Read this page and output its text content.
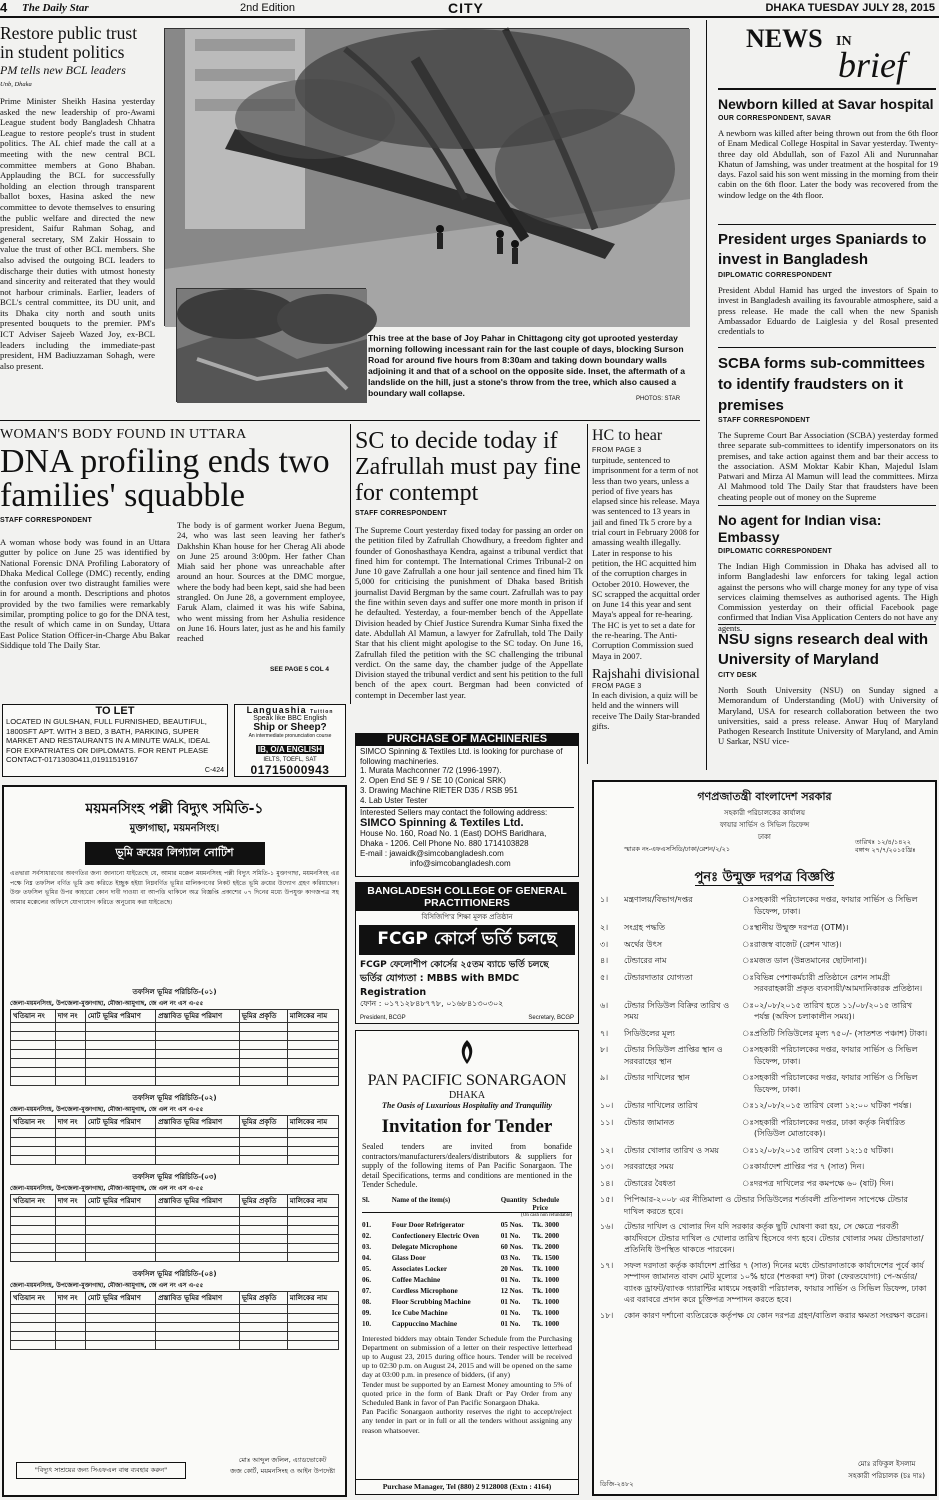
4 The Daily Star	2nd Edition	CITY	DHAKA TUESDAY JULY 28, 2015
Restore public trust in student politics
PM tells new BCL leaders
Unb, Dhaka
Prime Minister Sheikh Hasina yesterday asked the new leadership of pro-Awami League student body Bangladesh Chhatra League to restore people's trust in student politics. The AL chief made the call at a meeting with the new central BCL committee members at Gono Bhaban. Applauding the BCL for successfully holding an election through transparent ballot boxes, Hasina asked the new committee to devote themselves to ensuring the public welfare and directed the new president, Saifur Rahman Sohag, and general secretary, SM Zakir Hossain to value the trust of other BCL members. She also advised the outgoing BCL leaders to discharge their duties with utmost honesty and sincerity and reiterated that they would not harbour criminals. Earlier, leaders of BCL's central committee, its DU unit, and its Dhaka city north and south units presented bouquets to the premier. PM's ICT Adviser Sajeeb Wazed Joy, ex-BCL leaders including the immediate-past president, HM Badiuzzaman Sohagh, were also present.
This tree at the base of Joy Pahar in Chittagong city got uprooted yesterday morning following incessant rain for the last couple of days, blocking Surson Road for around five hours from 8:30am and taking down boundary walls adjoining it and that of a school on the opposite side. Inset, the aftermath of a landslide on the hill, just a stone's throw from the tree, which also caused a boundary wall collapse.
PHOTOS: STAR
NEWS IN
brief
Newborn killed at Savar hospital
OUR CORRESPONDENT, SAVAR
A newborn was killed after being thrown out from the 6th floor of Enam Medical College Hospital in Savar yesterday. Twenty-three day old Abdullah, son of Fazol Ali and Nurunnahar Khatun of Jamshing, was under treatment at the hospital for 19 days. Fazol said his son went missing in the morning from their cabin on the 6th floor. Later the body was recovered from the window ledge on the 4th floor.
President urges Spaniards to invest in Bangladesh
DIPLOMATIC CORRESPONDENT
President Abdul Hamid has urged the investors of Spain to invest in Bangladesh availing its favourable atmosphere, said a press release. He made the call when the new Spanish Ambassador Eduardo de Laiglesia y del Rosal presented credentials to
SCBA forms sub-committees to identify fraudsters on it premises
STAFF CORRESPONDENT
The Supreme Court Bar Association (SCBA) yesterday formed three separate sub-committees to identify impersonators on its premises, and take action against them and bar their access to the association. ASM Moktar Kabir Khan, Majedul Islam Patwari and Mirza Al Mamun will lead the committees. Mirza Al Mahmood told The Daily Star that fraudsters have been cheating people out of money on the Supreme
No agent for Indian visa: Embassy
DIPLOMATIC CORRESPONDENT
The Indian High Commission in Dhaka has advised all to inform Bangladeshi law enforcers for taking legal action against the persons who will charge money for any type of visa services claiming themselves as authorised agents. The High Commission yesterday on their official Facebook page confirmed that Indian Visa Application Centers do not have any agents.
NSU signs research deal with University of Maryland
CITY DESK
North South University (NSU) on Sunday signed a Memorandum of Understanding (MoU) with University of Maryland, USA for research collaboration between the two universities, said a press release. Anwar Huq of Maryland Pathogen Research Institute University of Maryland, and Amin U Sarkar, NSU vice-
WOMAN'S BODY FOUND IN UTTARA
DNA profiling ends two families' squabble
STAFF CORRESPONDENT
A woman whose body was found in an Uttara gutter by police on June 25 was identified by National Forensic DNA Profiling Laboratory of Dhaka Medical College (DMC) recently, ending the confusion over two distraught families were in for around a month. Descriptions and photos provided by the two families were remarkably similar, prompting police to go for the DNA test, the result of which came in on Sunday, Uttara East Police Station Officer-in-Charge Abu Bakar Siddique told The Daily Star.
The body is of garment worker Juena Begum, 24, who was last seen leaving her father's Dakhshin Khan house for her Cherag Ali abode on June 25 around 3:00pm. Her father Chan Miah said her phone was unreachable after around an hour. Sources at the DMC morgue, where the body had been kept, said she had been strangled. On June 28, a government employee, Faruk Alam, claimed it was his wife Sabina, who went missing from her Ashulia residence on June 16. Hours later, just as he and his family reached
SEE PAGE 5 COL 4
SC to decide today if Zafrullah must pay fine for contempt
STAFF CORRESPONDENT
The Supreme Court yesterday fixed today for passing an order on the petition filed by Zafrullah Chowdhury, a freedom fighter and founder of Gonoshasthaya Kendra, against a tribunal verdict that fined him for contempt. The International Crimes Tribunal-2 on June 10 gave Zafrullah a one hour jail sentence and fined him Tk 5,000 for criticising the punishment of Dhaka based British journalist David Bergman by the same court. Zafrullah was to pay the fine within seven days and suffer one more month in prison if he defaulted. Yesterday, a four-member bench of the Appellate Division headed by Chief Justice Surendra Kumar Sinha fixed the date. Abdullah Al Mamun, a lawyer for Zafrullah, told The Daily Star that his client might apologise to the SC today. On June 16, Zafrullah filed the petition with the SC challenging the tribunal verdict. On the same day, the chamber judge of the Appellate Division stayed the tribunal verdict and sent his petition to the full bench of the apex court. Bergman had been convicted of contempt in December last year.
HC to hear
FROM PAGE 3
turpitude, sentenced to imprisonment for a term of not less than two years, unless a period of five years has elapsed since his release. Maya was sentenced to 13 years in jail and fined Tk 5 crore by a trial court in February 2008 for amassing wealth illegally. Later in response to his petition, the HC acquitted him of the corruption charges in October 2010. However, the SC scrapped the acquittal order on June 14 this year and sent Maya's appeal for re-hearing. The HC is yet to set a date for the re-hearing. The Anti-Corruption Commission sued Maya in 2007.
Rajshahi divisional
FROM PAGE 3
In each division, a quiz will be held and the winners will receive The Daily Star-branded gifts.
TO LET
LOCATED IN GULSHAN, FULL FURNISHED, BEAUTIFUL, 1800SFT APT. WITH 3 BED, 3 BATH, PARKING, SUPER MARKET AND RESTAURANTS IN A MINUTE WALK, IDEAL FOR EXPATRIATES OR DIPLOMATS. FOR RENT PLEASE CONTACT-01713030411,01911519167
C-424
Languashia Tuition
Speak like BBC English
Ship or Sheep?
An intermediate pronunciation course
IB, O/A ENGLISH
IELTS, TOEFL, SAT
01715000943
PURCHASE OF MACHINERIES
SIMCO Spinning & Textiles Ltd. is looking for purchase of following machineries.
1. Murata Machconner 7/2 (1996-1997).
2. Open End SE 9 / SE 10 (Conical SRK)
3. Drawing Machine RIETER D35 / RSB 951
4. Lab Uster Tester
Interested Sellers may contact the following address:
SIMCO Spinning & Textiles Ltd.
House No. 160, Road No. 1 (East) DOHS Baridhara,
Dhaka - 1206. Cell Phone No. 880 1714103828
E-mail : jawaidk@simcobangladesh.com
info@simcobangladesh.com
BANGLADESH COLLEGE OF GENERAL PRACTITIONERS
বিসিজিপি'র শিক্ষা মূলক প্রতিষ্ঠান
FCGP কোর্সে ভর্তি চলছে
FCGP ফেলোশীপ কোর্সের ২৫তম ব্যাচে ভর্তি চলছে
ভর্তির যোগ্যতা : MBBS with BMDC Registration
ফোন : ০১৭১২৮৪৮৭৭৮, ০১৬৮৪১৩০৩০২
President, BCGP	Secretary, BCGP
PAN PACIFIC SONARGAON
DHAKA
The Oasis of Luxurious Hospitality and Tranquility
Invitation for Tender
Sealed tenders are invited from bonafide contractors/manufacturers/dealers/distributors & suppliers for supply of the following items of Pan Pacific Sonargaon. The detail Specifications, terms and conditions are mentioned in the Tender Schedule.
Sl.	Name of the item(s)	Quantity Schedule Price
(On cash non refundable)
01.	Four Door Refrigerator	05 Nos.	Tk. 3000
02.	Confectionery Electric Oven	01 No.	Tk. 2000
03.	Delegate Microphone	60 Nos.	Tk. 2000
04.	Glass Door	03 No.	Tk. 1500
05.	Associates Locker	20 Nos.	Tk. 1000
06.	Coffee Machine	01 No.	Tk. 1000
07.	Cordless Microphone	12 Nos.	Tk. 1000
08.	Floor Scrubbing Machine	01 No.	Tk. 1000
09.	Ice Cube Machine	01 No.	Tk. 1000
10.	Cappuccino Machine	01 No.	Tk. 1000
Interested bidders may obtain Tender Schedule from the Purchasing Department on submission of a letter on their respective letterhead up to August 23, 2015 during office hours. Tender will be received up to 02:30 p.m. on August 24, 2015 and will be opened on the same day at 03:00 p.m. in presence of bidders, (if any)
Tender must be supported by an Earnest Money amounting to 5% of quoted price in the form of Bank Draft or Pay Order from any Scheduled Bank in favor of Pan Pacific Sonargaon Dhaka.
Pan Pacific Sonargaon authority reserves the right to accept/reject any tender in part or in full or all the tenders without assigning any reason whatsoever.
Purchase Manager, Tel (880) 2 9128008 (Extn : 4164)
ময়মনসিংহ পল্লী বিদ্যুৎ সমিতি-১
মুক্তাগাছা, ময়মনসিংহ।
ভূমি ক্রয়ের লিগ্যাল নোটিশ
এতদ্বারা সর্বসাধারণের অবগতির জন্য জানানো যাইতেছে যে, আমার মক্কেল ময়মনসিংহ পল্লী বিদ্যুৎ সমিতি-১ মুক্তাগাছা, ময়মনসিংহ এর পক্ষে নিম্ন তফসিল বর্ণিত ভূমি ক্রয় করিতে ইচ্ছুক হইয়া নিম্নবর্ণিত ভূমির মালিকগণের নিকট হইতে ভূমি ক্রয়ের উদ্যোগ গ্রহণ করিয়াছেন। উক্ত তফসিল ভূমির উপর কাহারো কোন দাবী দাওয়া বা আপত্তি থাকিলে অত্র বিজ্ঞপ্তি প্রকাশের ০৭ দিনের মধ্যে উপযুক্ত কাগজপত্র সহ আমার মক্কেলের অফিসে যোগাযোগ করিতে অনুরোধ করা যাইতেছে।
তফসিল ভূমির পরিচিতি-(০১)
জেলা-ময়মনসিংহ, উপজেলা-মুক্তাগাছা, মৌজা-আমুগাছ, জে এল নং এস এ-৫৫
খতিয়ান নং	দাগ নং	মোট ভূমির পরিমাণ	প্রস্তাবিত ভূমির পরিমাণ	ভূমির প্রকৃতি	মালিকের নাম

তফসিল ভূমির পরিচিতি-(০২)
জেলা-ময়মনসিংহ, উপজেলা-মুক্তাগাছা, মৌজা-আমুগাছ, জে এল নং এস এ-৫৫
খতিয়ান নং	দাগ নং	মোট ভূমির পরিমাণ	প্রস্তাবিত ভূমির পরিমাণ	ভূমির প্রকৃতি	মালিকের নাম

তফসিল ভূমির পরিচিতি-(০৩)
জেলা-ময়মনসিংহ, উপজেলা-মুক্তাগাছা, মৌজা-আমুগাছ, জে এল নং এস এ-৫৫
খতিয়ান নং	দাগ নং	মোট ভূমির পরিমাণ	প্রস্তাবিত ভূমির পরিমাণ	ভূমির প্রকৃতি	মালিকের নাম

তফসিল ভূমির পরিচিতি-(০৪)
জেলা-ময়মনসিংহ, উপজেলা-মুক্তাগাছা, মৌজা-আমুগাছ, জে এল নং এস এ-৫৫
খতিয়ান নং	দাগ নং	মোট ভূমির পরিমাণ	প্রস্তাবিত ভূমির পরিমাণ	ভূমির প্রকৃতি	মালিকের নাম

"বিদ্যুৎ সাশ্রয়ের জন্য সিএফএল বাল্ব ব্যবহার করুন"
মোঃ আব্দুল জলিল, এ্যাডভোকেট
জজ কোর্ট, ময়মনসিংহ ও আইন উপদেষ্টা
গণপ্রজাতন্ত্রী বাংলাদেশ সরকার
সহকারী পরিচালকের কার্যালয়
ফায়ার সার্ভিস ও সিভিল ডিফেন্স
ঢাকা
স্মারক নং-এফএসসিডি/ঢাকা/রেশন/২/২১
তারিখঃ ১২/৪/১৪২২ বঙ্গাব্দ ২৭/৭/২০১৫খ্রিঃ
পুনঃ উন্মুক্ত দরপত্র বিজ্ঞপ্তি
১।	মন্ত্রণালয়/বিভাগ/দপ্তর	ঃ সহকারী পরিচালকের দপ্তর, ফায়ার সার্ভিস ও সিভিল ডিফেন্স, ঢাকা।
২।	সংগ্রহ পদ্ধতি	ঃ স্থানীয় উন্মুক্ত দরপত্র (OTM)।
৩।	অর্থের উৎস	ঃ রাজস্ব বাজেট (রেশন খাত)।
৪।	টেন্ডারের নাম	ঃ মজত ডাল (উন্নতমানের ছোটদানা)।
৫।	টেন্ডারদাতার যোগ্যতা	ঃ বিভিন্ন পেশাকর্মচারী প্রতিষ্ঠানে রেশন সামগ্রী সরবরাহকারী প্রকৃত ব্যবসায়ী/আমদানিকারক প্রতিষ্ঠান।
৬।	টেন্ডার সিডিউল বিক্রির তারিখ ও সময়
ঃ ০২/০৮/২০১৫ তারিখ হতে ১১/০৮/২০১৫ তারিখ পর্যন্ত (অফিস চলাকালীন সময়)।
৭।	সিডিউলের মূল্য	ঃ প্রতিটি সিডিউলের মূল্য ৭৫০/- (সাতশত পঞ্চাশ) টাকা।
৮।	টেন্ডার সিডিউল প্রাপ্তির স্থান ও সরবরাহের স্থান
ঃ সহকারী পরিচালকের দপ্তর, ফায়ার সার্ভিস ও সিভিল ডিফেন্স, ঢাকা।
৯।	টেন্ডার দাখিলের স্থান	ঃ সহকারী পরিচালকের দপ্তর, ফায়ার সার্ভিস ও সিভিল ডিফেন্স, ঢাকা।
১০।	টেন্ডার দাখিলের তারিখ	ঃ ১২/০৮/২০১৫ তারিখ বেলা ১২:০০ ঘটিকা পর্যন্ত।
১১।	টেন্ডার জামানত	ঃ সহকারী পরিচালকের দপ্তর, ঢাকা কর্তৃক নির্ধারিত (সিডিউল মোতাবেক)।
১২।	টেন্ডার খোলার তারিখ ও সময়	ঃ ১২/০৮/২০১৫ তারিখ বেলা ১২:১৫ ঘটিকা।
১৩।	সরবরাহের সময়	ঃ কার্যাদেশ প্রাপ্তির পর ৭ (সাত) দিন।
১৪।	টেন্ডারের বৈধতা	ঃ দরপত্র দাখিলের পর কমপক্ষে ৬০ (ষাট) দিন।
১৫।	পিপিআর-২০০৮ এর নীতিমালা ও টেন্ডার সিডিউলের শর্তাবলী প্রতিপালন সাপেক্ষে টেন্ডার দাখিল করতে হবে।
১৬।	টেন্ডার দাখিল ও খোলার দিন যদি সরকার কর্তৃক ছুটি ঘোষণা করা হয়, সে ক্ষেত্রে পরবর্তী কার্যদিবসে টেন্ডার দাখিল ও খোলার তারিখ হিসেবে গণ্য হবে। টেন্ডার খোলার সময় টেন্ডারদাতা/প্রতিনিধি উপস্থিত থাকতে পারবেন।
১৭।	সফল দরদাতা কর্তৃক কার্যাদেশ প্রাপ্তির ৭ (সাত) দিনের মধ্যে টেন্ডারদাতাকে কার্যাদেশের পূর্বে কার্য সম্পাদন জামানত বাবদ মোট মূল্যের ১০% হারে (শতকরা দশ) টাকা (ফেরতযোগ্য) পে-অর্ডার/ব্যাংক ড্রাফট/ব্যাংক গ্যারান্টির মাধ্যমে সহকারী পরিচালক, ফায়ার সার্ভিস ও সিভিল ডিফেন্স, ঢাকা এর বরাবরে প্রদান করে চুক্তিপত্র সম্পাদন করতে হবে।
১৮।	কোন কারণ দর্শানো ব্যতিরেকে কর্তৃপক্ষ যে কোন দরপত্র গ্রহণ/বাতিল করার ক্ষমতা সংরক্ষণ করেন।
মোঃ রফিকুল ইসলাম
সহকারী পরিচালক (চঃ দাঃ)
ডিজি-২৪৮২
